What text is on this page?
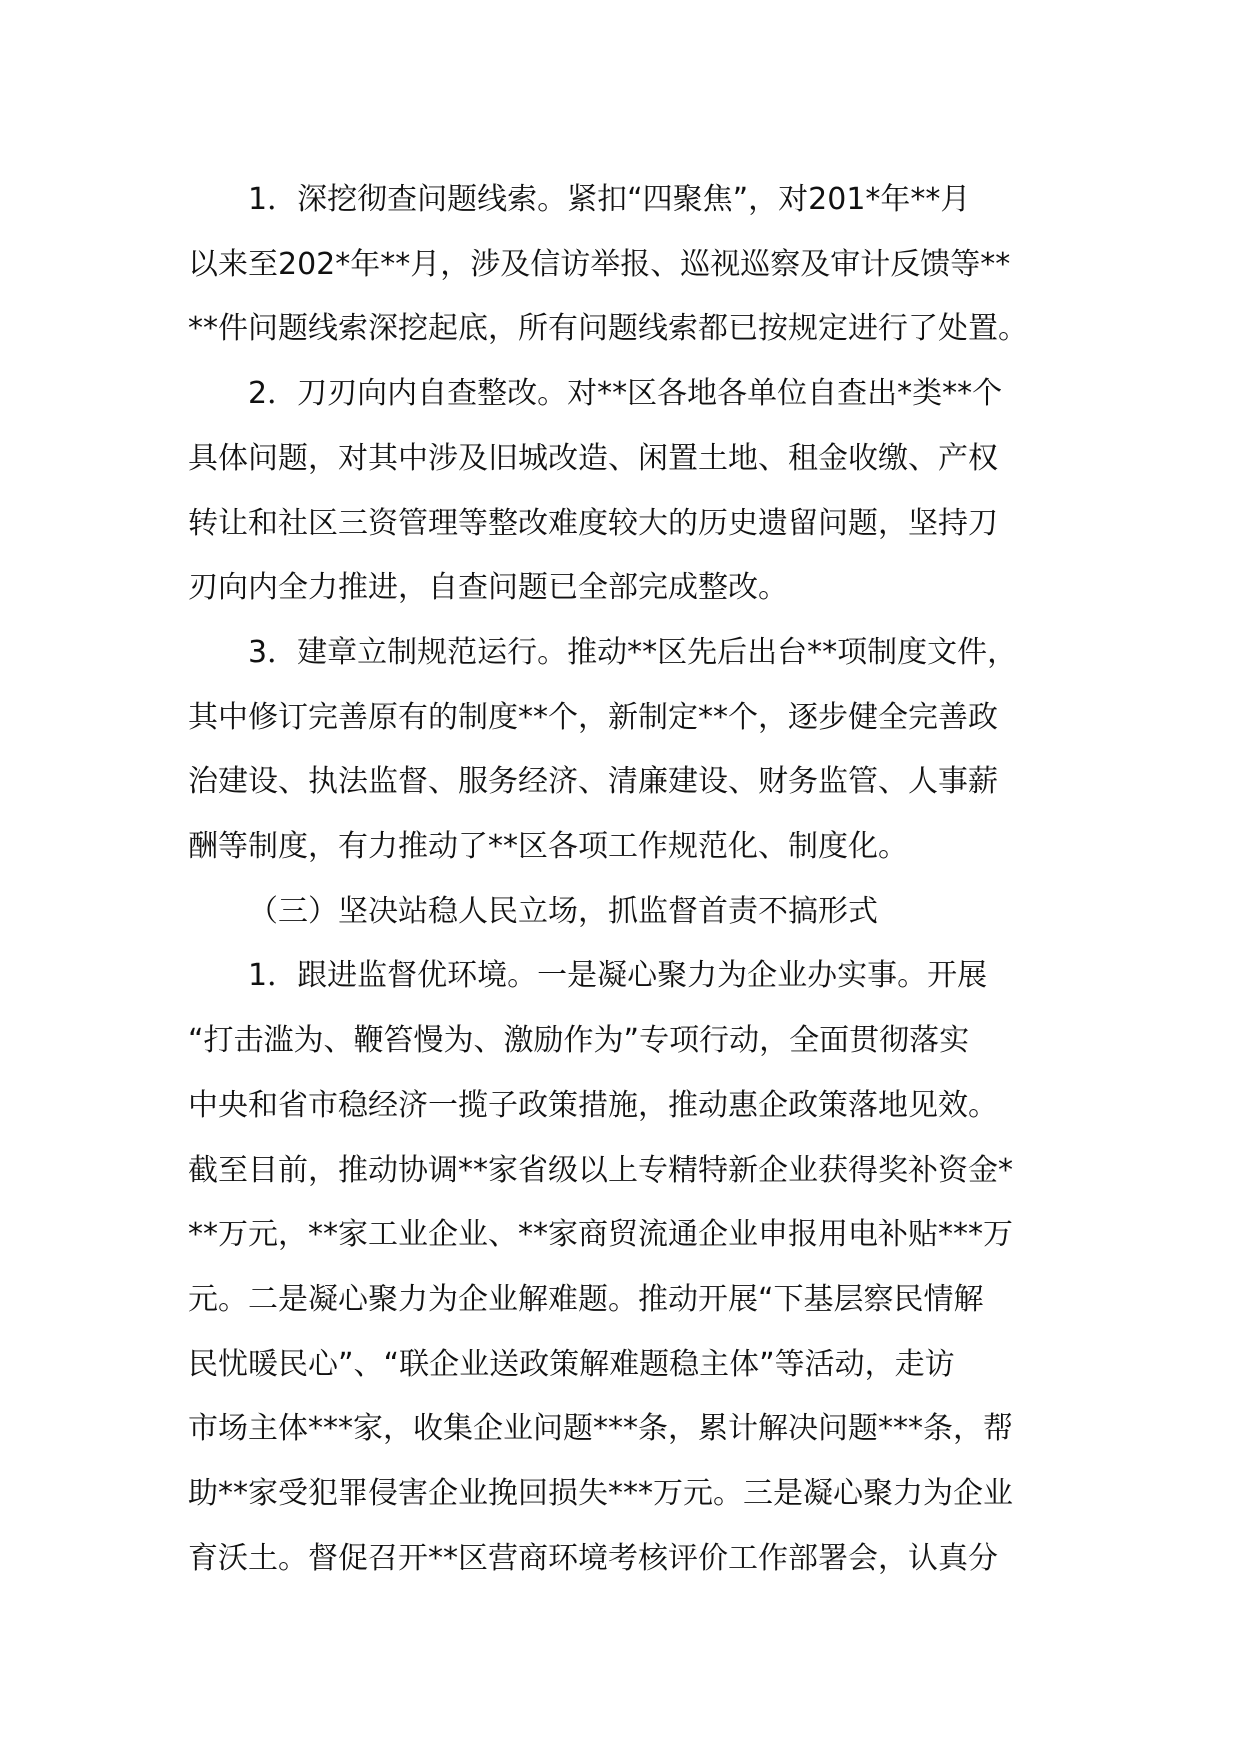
1．深挖彻查问题线索。紧扣“四聚焦”，对201*年**月
以来至202*年**月，涉及信访举报、巡视巡察及审计反馈等**
**件问题线索深挖起底，所有问题线索都已按规定进行了处置。

2．刀刃向内自查整改。对**区各地各单位自查出*类**个
具体问题，对其中涉及旧城改造、闲置土地、租金收缴、产权
转让和社区三资管理等整改难度较大的历史遗留问题，坚持刀
刃向内全力推进，自查问题已全部完成整改。

3．建章立制规范运行。推动**区先后出台**项制度文件，
其中修订完善原有的制度**个，新制定**个，逐步健全完善政
治建设、执法监督、服务经济、清廉建设、财务监管、人事薪
酬等制度，有力推动了**区各项工作规范化、制度化。

（三）坚决站稳人民立场，抓监督首责不搞形式

1．跟进监督优环境。一是凝心聚力为企业办实事。开展
“打击滥为、鞭笞慢为、激励作为”专项行动，全面贯彻落实
中央和省市稳经济一揽子政策措施，推动惠企政策落地见效。
截至目前，推动协调**家省级以上专精特新企业获得奖补资金*
**万元，**家工业企业、**家商贸流通企业申报用电补贴***万
元。二是凝心聚力为企业解难题。推动开展“下基层察民情解
民忧暖民心”、“联企业送政策解难题稳主体”等活动，走访
市场主体***家，收集企业问题***条，累计解决问题***条，帮
助**家受犯罪侵害企业挽回损失***万元。三是凝心聚力为企业
育沃土。督促召开**区营商环境考核评价工作部署会，认真分
